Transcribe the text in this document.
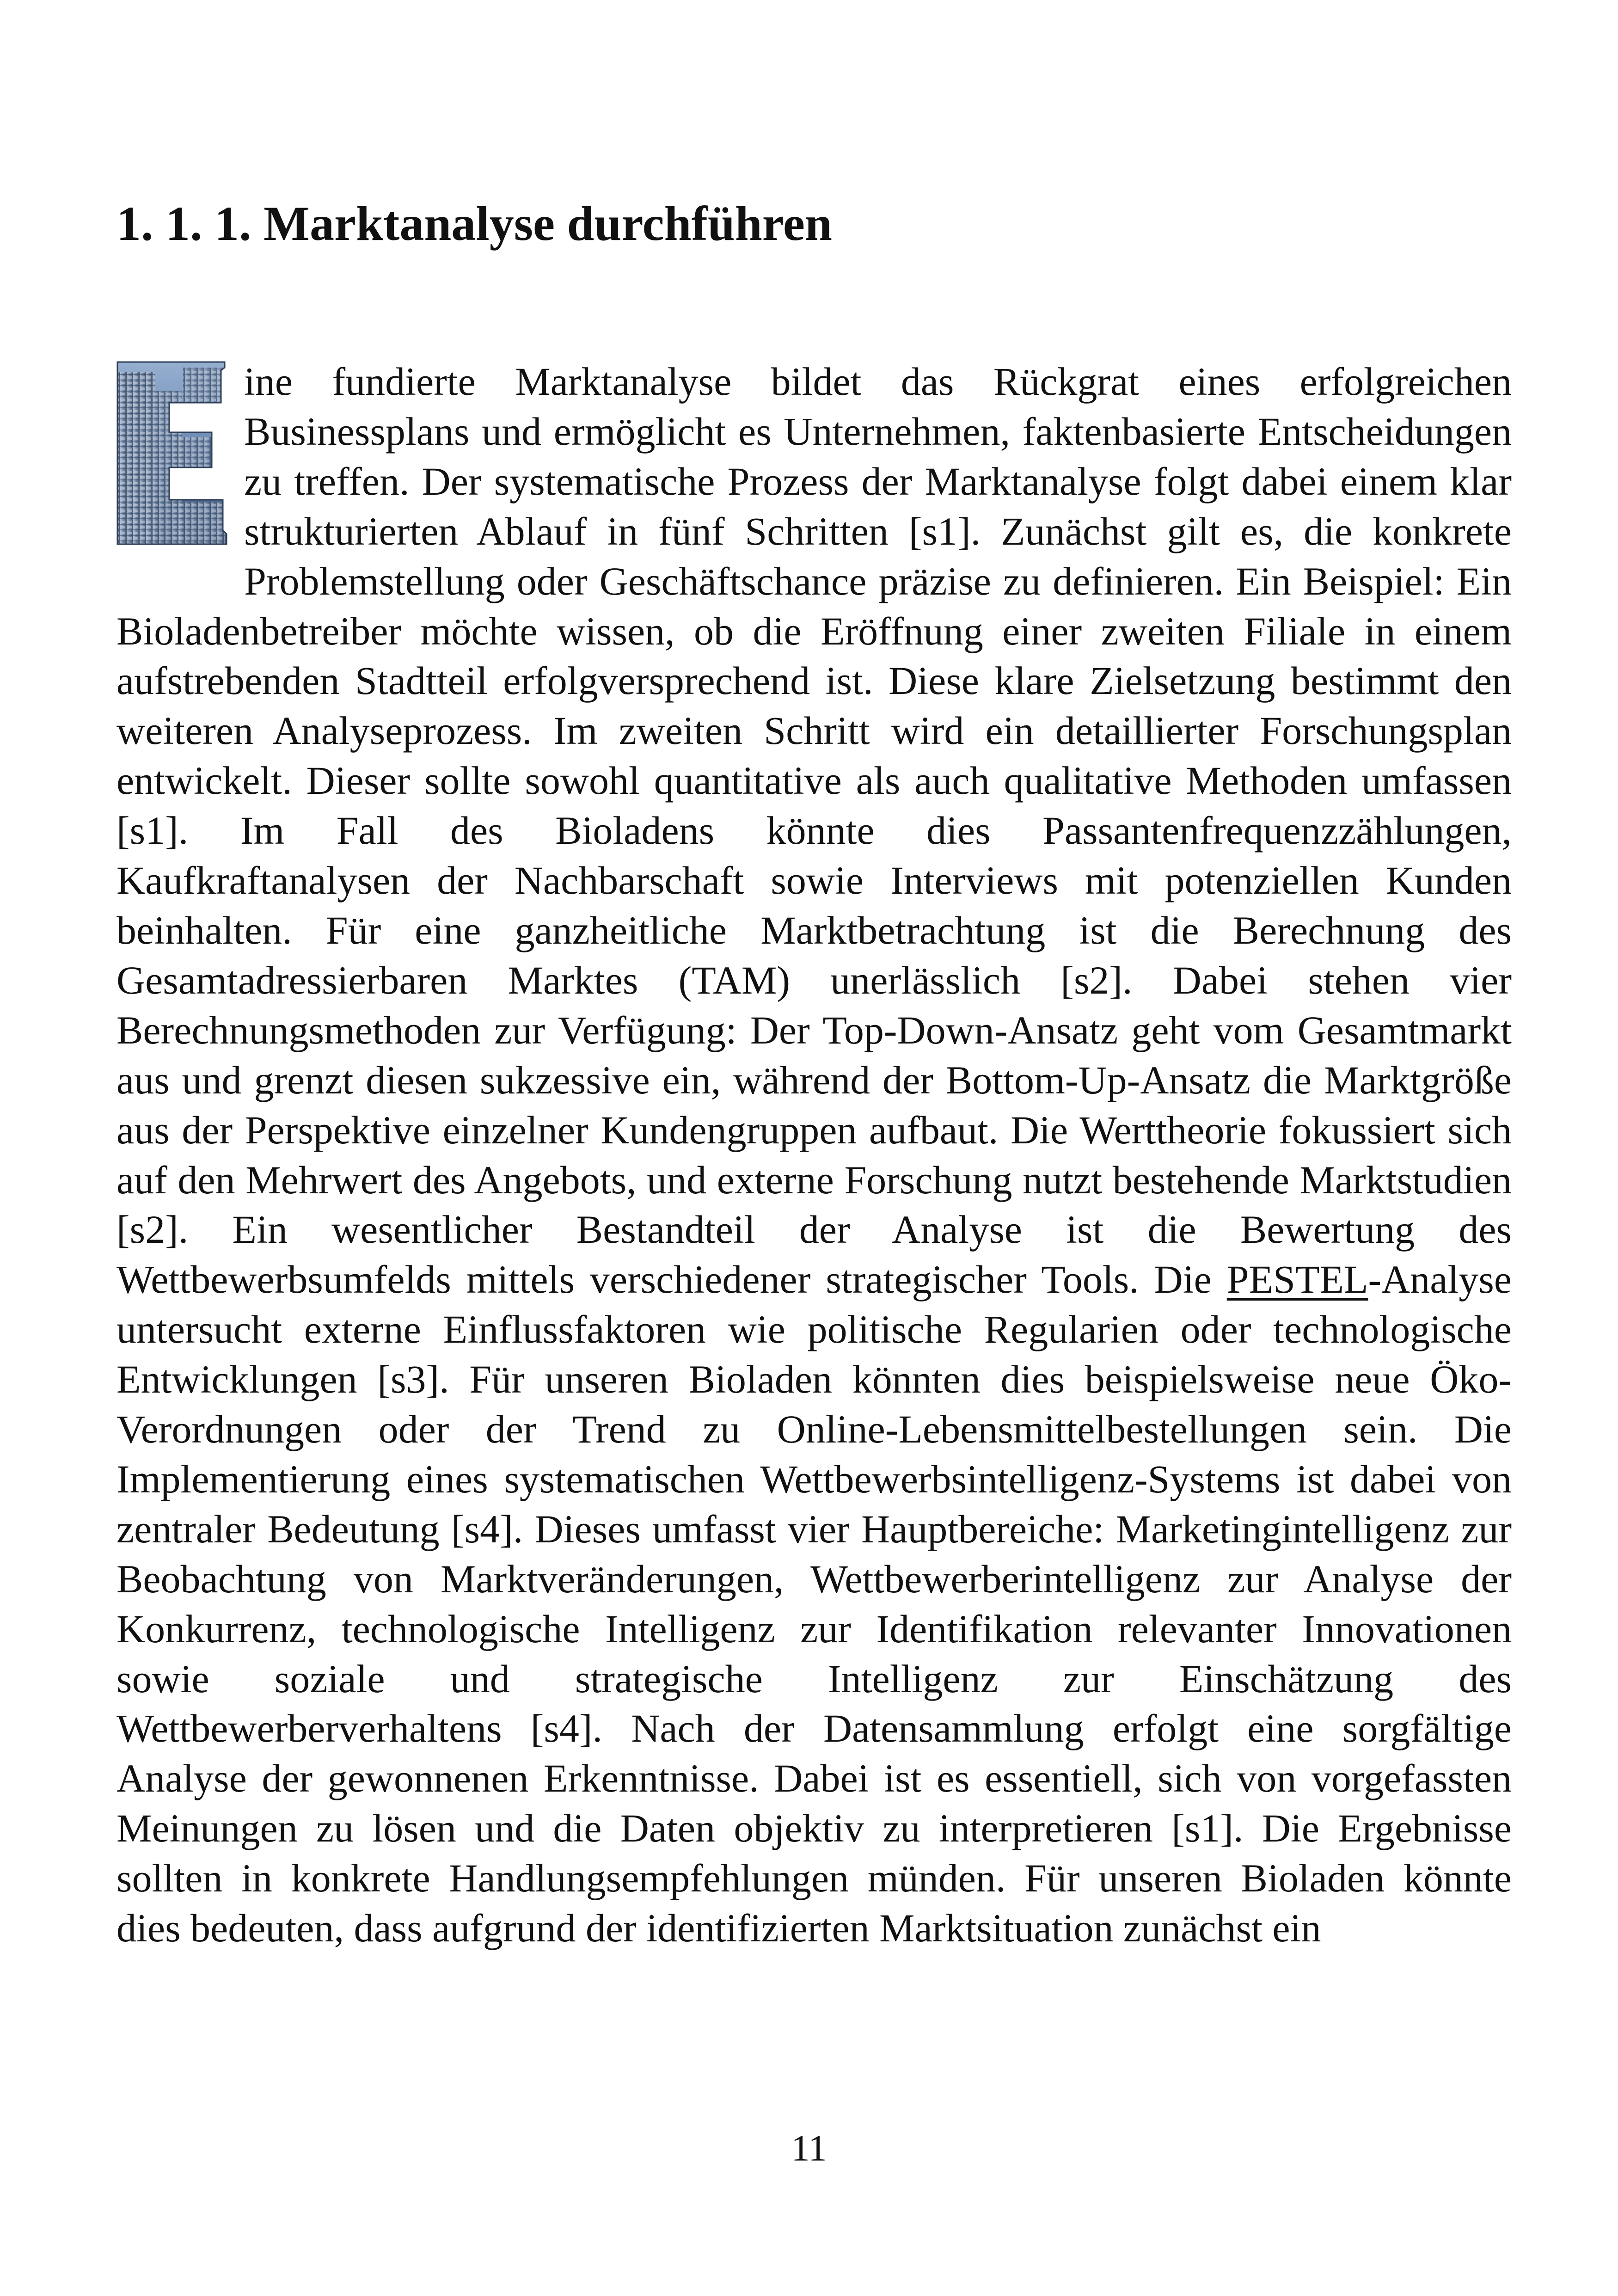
1. 1. 1. Marktanalyse durchführen

ine fundierte Marktanalyse bildet das Rückgrat eines erfolgreichen Businessplans und ermöglicht es Unternehmen, faktenbasierte Entscheidungen zu treffen. Der systematische Prozess der Marktanalyse folgt dabei einem klar strukturierten Ablauf in fünf Schritten [s1]. Zunächst gilt es, die konkrete Problemstellung oder Geschäftschance präzise zu definieren. Ein Beispiel: Ein Bioladenbetreiber möchte wissen, ob die Eröffnung einer zweiten Filiale in einem aufstrebenden Stadtteil erfolgversprechend ist. Diese klare Zielsetzung bestimmt den weiteren Analyseprozess. Im zweiten Schritt wird ein detaillierter Forschungsplan entwickelt. Dieser sollte sowohl quantitative als auch qualitative Methoden umfassen [s1]. Im Fall des Bioladens könnte dies Passantenfrequenzzählungen, Kaufkraftanalysen der Nachbarschaft sowie Interviews mit potenziellen Kunden beinhalten. Für eine ganzheitliche Marktbetrachtung ist die Berechnung des Gesamtadressierbaren Marktes (TAM) unerlässlich [s2]. Dabei stehen vier Berechnungsmethoden zur Verfügung: Der Top-Down-Ansatz geht vom Gesamtmarkt aus und grenzt diesen sukzessive ein, während der Bottom-Up-Ansatz die Marktgröße aus der Perspektive einzelner Kundengruppen aufbaut. Die Werttheorie fokussiert sich auf den Mehrwert des Angebots, und externe Forschung nutzt bestehende Marktstudien [s2]. Ein wesentlicher Bestandteil der Analyse ist die Bewertung des Wettbewerbsumfelds mittels verschiedener strategischer Tools. Die PESTEL-Analyse untersucht externe Einflussfaktoren wie politische Regularien oder technologische Entwicklungen [s3]. Für unseren Bioladen könnten dies beispielsweise neue Öko-Verordnungen oder der Trend zu Online-Lebensmittelbestellungen sein. Die Implementierung eines systematischen Wettbewerbsintelligenz-Systems ist dabei von zentraler Bedeutung [s4]. Dieses umfasst vier Hauptbereiche: Marketingintelligenz zur Beobachtung von Marktveränderungen, Wettbewerberintelligenz zur Analyse der Konkurrenz, technologische Intelligenz zur Identifikation relevanter Innovationen sowie soziale und strategische Intelligenz zur Einschätzung des Wettbewerberverhaltens [s4]. Nach der Datensammlung erfolgt eine sorgfältige Analyse der gewonnenen Erkenntnisse. Dabei ist es essentiell, sich von vorgefassten Meinungen zu lösen und die Daten objektiv zu interpretieren [s1]. Die Ergebnisse sollten in konkrete Handlungsempfehlungen münden. Für unseren Bioladen könnte dies bedeuten, dass aufgrund der identifizierten Marktsituation zunächst ein

11
